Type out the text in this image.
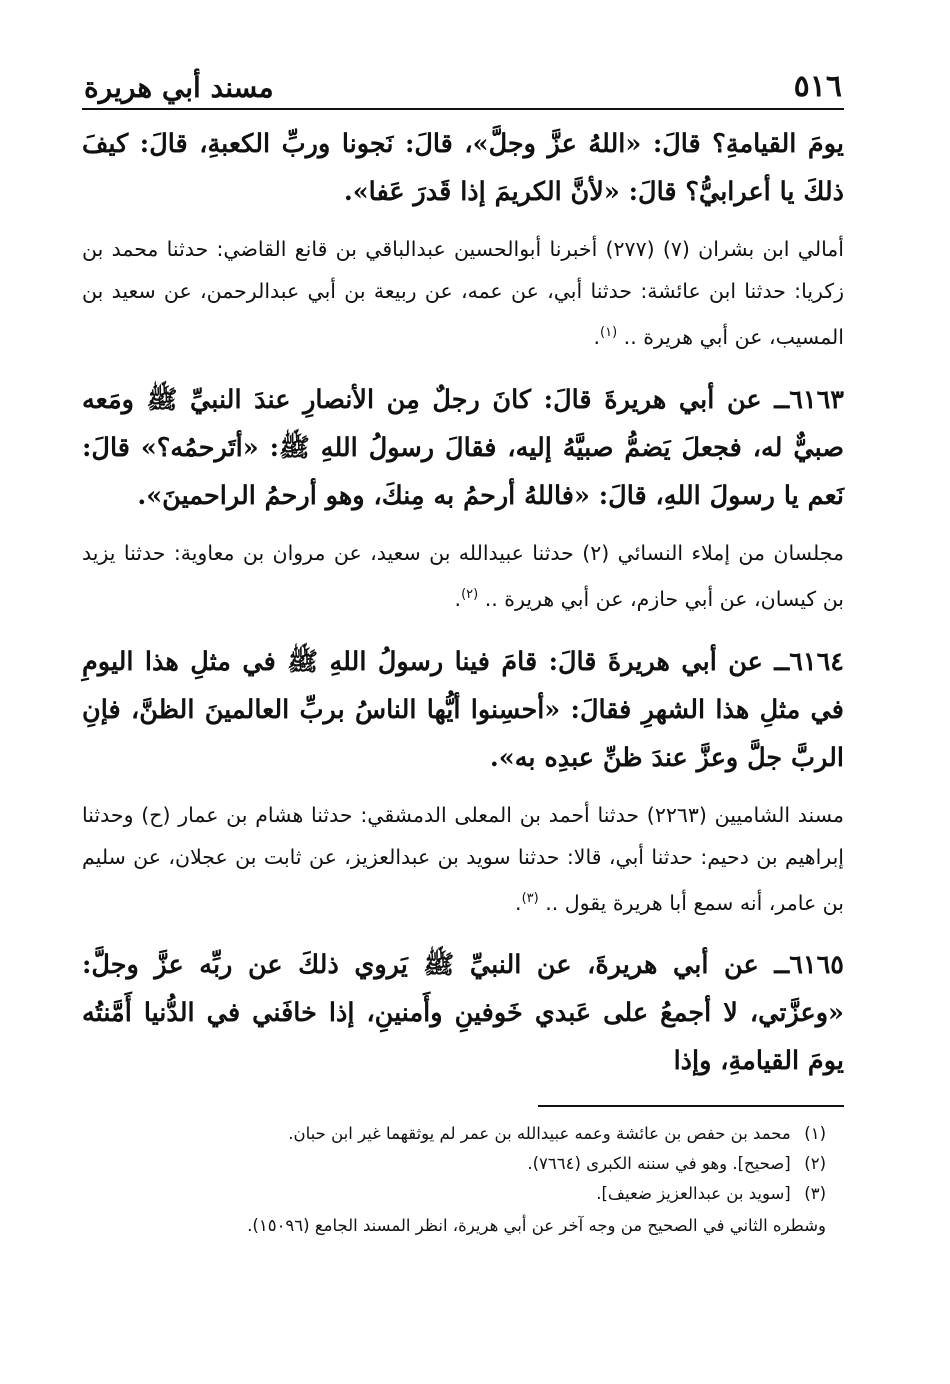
٥١٦
مسند أبي هريرة

يومَ القيامةِ؟ قالَ: «اللهُ عزَّ وجلَّ»، قالَ: نَجونا وربِّ الكعبةِ، قالَ: كيفَ ذلكَ يا أعرابيُّ؟ قالَ: «لأنَّ الكريمَ إذا قَدرَ عَفا».

أمالي ابن بشران (٧) (٢٧٧) أخبرنا أبوالحسين عبدالباقي بن قانع القاضي: حدثنا محمد بن زكريا: حدثنا ابن عائشة: حدثنا أبي، عن عمه، عن ربيعة بن أبي عبدالرحمن، عن سعيد بن المسيب، عن أبي هريرة .. $^{(١)}$.

٦١٦٣ــ عن أبي هريرةَ قالَ: كانَ رجلٌ مِن الأنصارِ عندَ النبيِّ ﷺ ومَعه صبيٌّ له، فجعلَ يَضمُّ صبيَّهُ إليه، فقالَ رسولُ اللهِ ﷺ: «أتَرحمُه؟» قالَ: نَعم يا رسولَ اللهِ، قالَ: «فاللهُ أرحمُ به مِنكَ، وهو أرحمُ الراحمينَ».

مجلسان من إملاء النسائي (٢) حدثنا عبيدالله بن سعيد، عن مروان بن معاوية: حدثنا يزيد بن كيسان، عن أبي حازم، عن أبي هريرة .. $^{(٢)}$.

٦١٦٤ــ عن أبي هريرةَ قالَ: قامَ فينا رسولُ اللهِ ﷺ في مثلِ هذا اليومِ في مثلِ هذا الشهرِ فقالَ: «أحسِنوا أيُّها الناسُ بربِّ العالمينَ الظنَّ، فإنِ الربَّ جلَّ وعزَّ عندَ ظنِّ عبدِه به».

مسند الشاميين (٢٢٦٣) حدثنا أحمد بن المعلى الدمشقي: حدثنا هشام بن عمار (ح) وحدثنا إبراهيم بن دحيم: حدثنا أبي، قالا: حدثنا سويد بن عبدالعزيز، عن ثابت بن عجلان، عن سليم بن عامر، أنه سمع أبا هريرة يقول .. $^{(٣)}$.

٦١٦٥ــ عن أبي هريرةَ، عن النبيِّ ﷺ يَروي ذلكَ عن ربِّه عزَّ وجلَّ: «وعزَّتي، لا أجمعُ على عَبدي خَوفينِ وأَمنينِ، إذا خافَني في الدُّنيا أَمَّنتُه يومَ القيامةِ، وإذا

(١) محمد بن حفص بن عائشة وعمه عبيدالله بن عمر لم يوثقهما غير ابن حبان.
(٢) [صحيح]. وهو في سننه الكبرى (٧٦٦٤).
(٣) [سويد بن عبدالعزيز ضعيف].
وشطره الثاني في الصحيح من وجه آخر عن أبي هريرة، انظر المسند الجامع (١٥٠٩٦).
